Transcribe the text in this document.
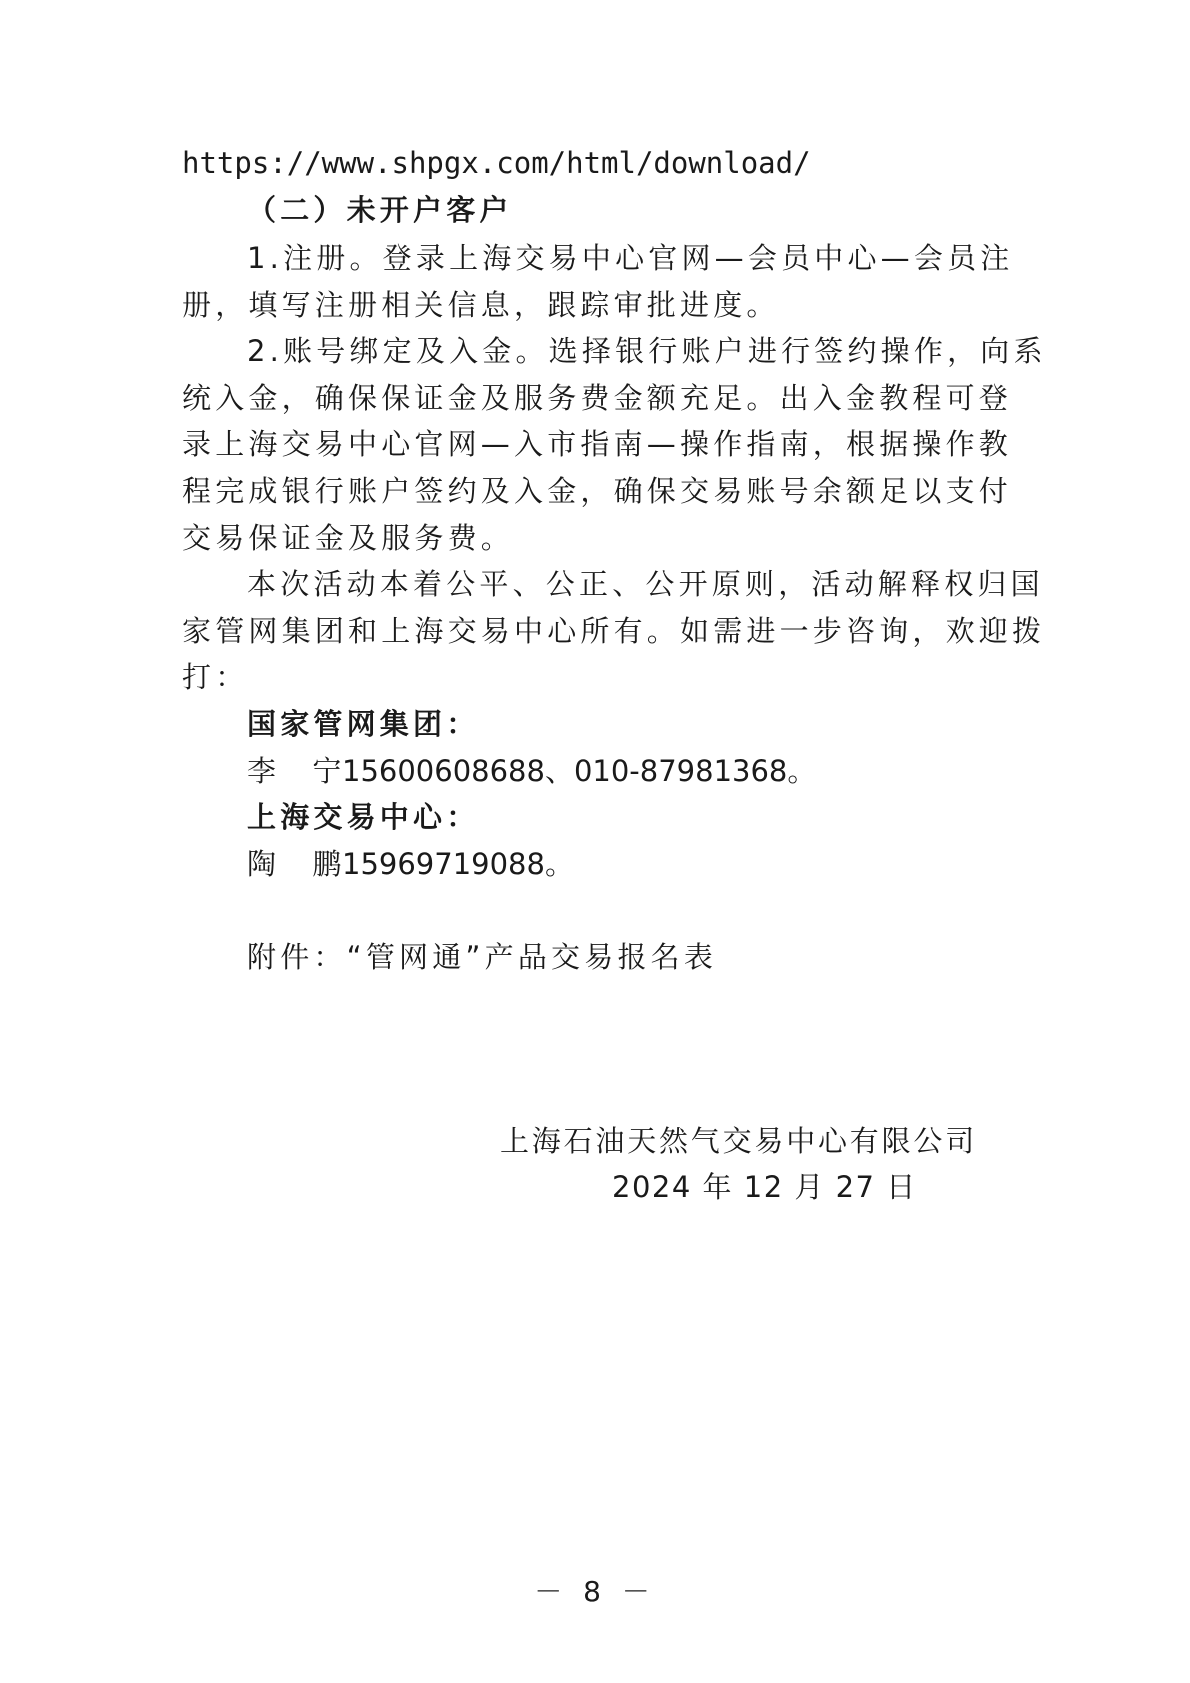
https://www.shpgx.com/html/download/
（二）未开户客户
1.注册。登录上海交易中心官网—会员中心—会员注
册，填写注册相关信息，跟踪审批进度。
2.账号绑定及入金。选择银行账户进行签约操作，向系
统入金，确保保证金及服务费金额充足。出入金教程可登
录上海交易中心官网—入市指南—操作指南，根据操作教
程完成银行账户签约及入金，确保交易账号余额足以支付
交易保证金及服务费。
本次活动本着公平、公正、公开原则，活动解释权归国
家管网集团和上海交易中心所有。如需进一步咨询，欢迎拨
打：
国家管网集团：
李  宁15600608688、010-87981368。
上海交易中心：
陶  鹏15969719088。
附件：“管网通”产品交易报名表
上海石油天然气交易中心有限公司
2024 年 12 月 27 日
－ 8 －
